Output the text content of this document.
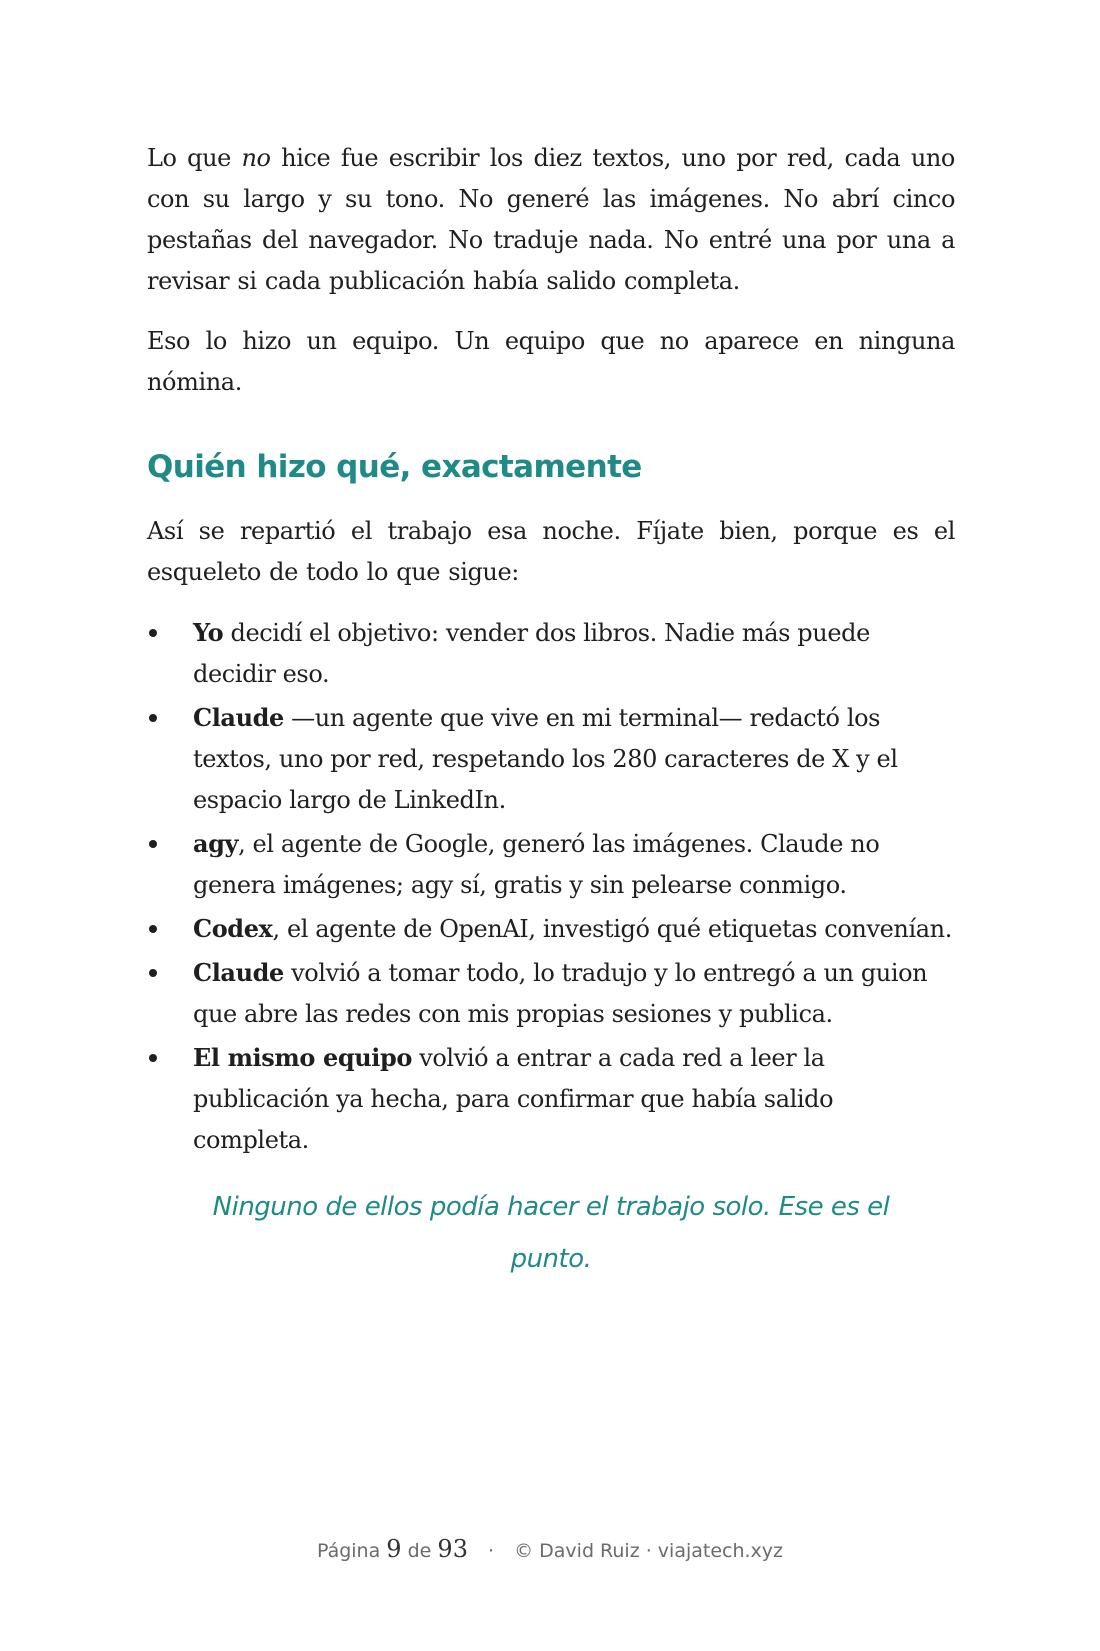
Lo que no hice fue escribir los diez textos, uno por red, cada uno con su largo y su tono. No generé las imágenes. No abrí cinco pestañas del navegador. No traduje nada. No entré una por una a revisar si cada publicación había salido completa.

Eso lo hizo un equipo. Un equipo que no aparece en ninguna nómina.

Quién hizo qué, exactamente

Así se repartió el trabajo esa noche. Fíjate bien, porque es el esqueleto de todo lo que sigue:

Yo decidí el objetivo: vender dos libros. Nadie más puede decidir eso.
Claude —un agente que vive en mi terminal— redactó los textos, uno por red, respetando los 280 caracteres de X y el espacio largo de LinkedIn.
agy, el agente de Google, generó las imágenes. Claude no genera imágenes; agy sí, gratis y sin pelearse conmigo.
Codex, el agente de OpenAI, investigó qué etiquetas convenían.
Claude volvió a tomar todo, lo tradujo y lo entregó a un guion que abre las redes con mis propias sesiones y publica.
El mismo equipo volvió a entrar a cada red a leer la publicación ya hecha, para confirmar que había salido completa.
Ninguno de ellos podía hacer el trabajo solo. Ese es el punto.
Página 9 de 93 · © David Ruiz · viajatech.xyz
